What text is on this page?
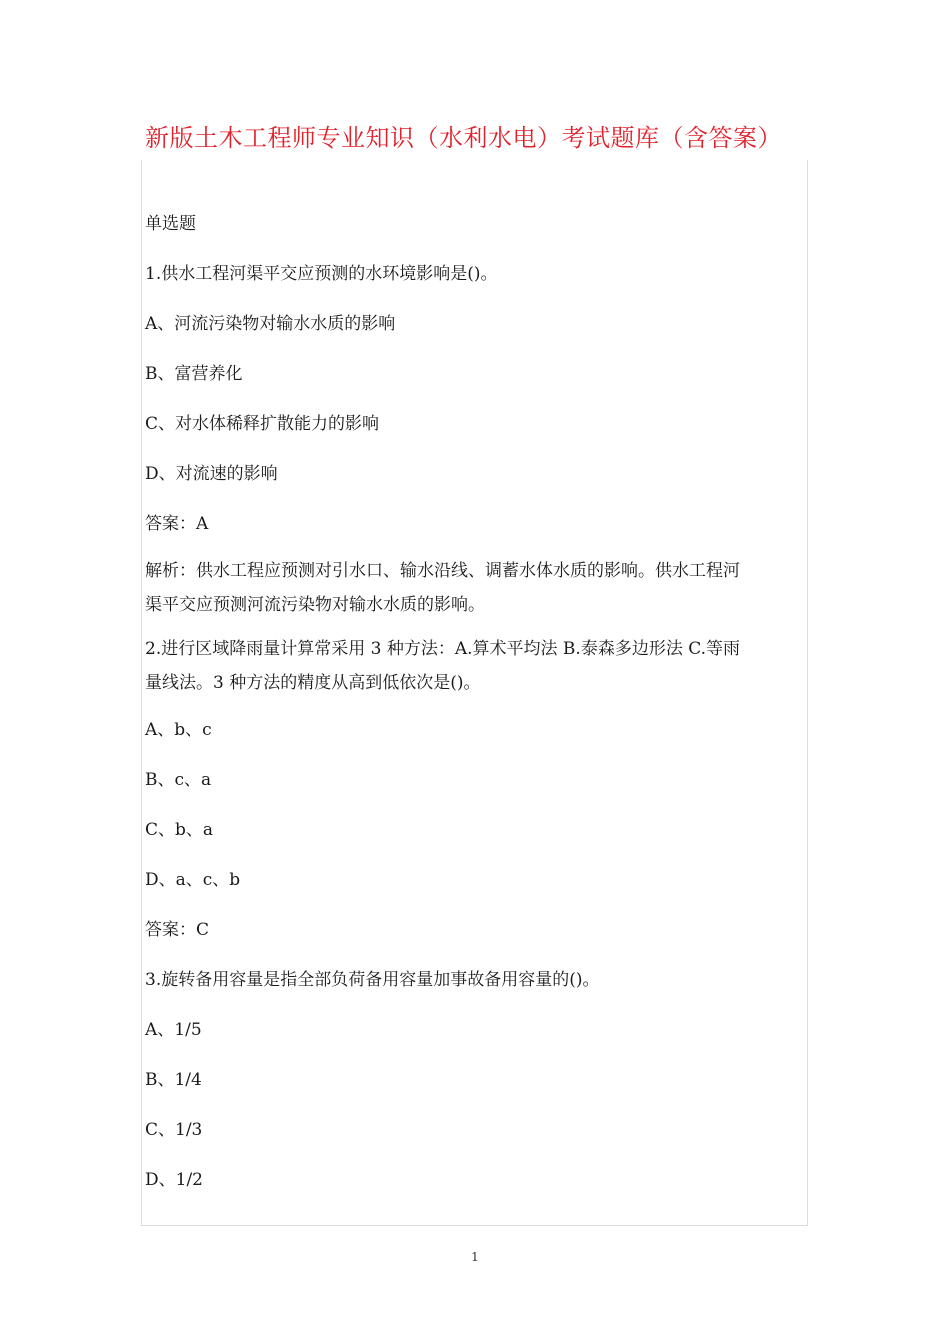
新版土木工程师专业知识（水利水电）考试题库（含答案）
单选题
1.供水工程河渠平交应预测的水环境影响是()。
A、河流污染物对输水水质的影响
B、富营养化
C、对水体稀释扩散能力的影响
D、对流速的影响
答案：A
解析：供水工程应预测对引水口、输水沿线、调蓄水体水质的影响。供水工程河
渠平交应预测河流污染物对输水水质的影响。
2.进行区域降雨量计算常采用 3 种方法：A.算术平均法 B.泰森多边形法 C.等雨
量线法。3 种方法的精度从高到低依次是()。
A、b、c
B、c、a
C、b、a
D、a、c、b
答案：C
3.旋转备用容量是指全部负荷备用容量加事故备用容量的()。
A、1/5
B、1/4
C、1/3
D、1/2
1
